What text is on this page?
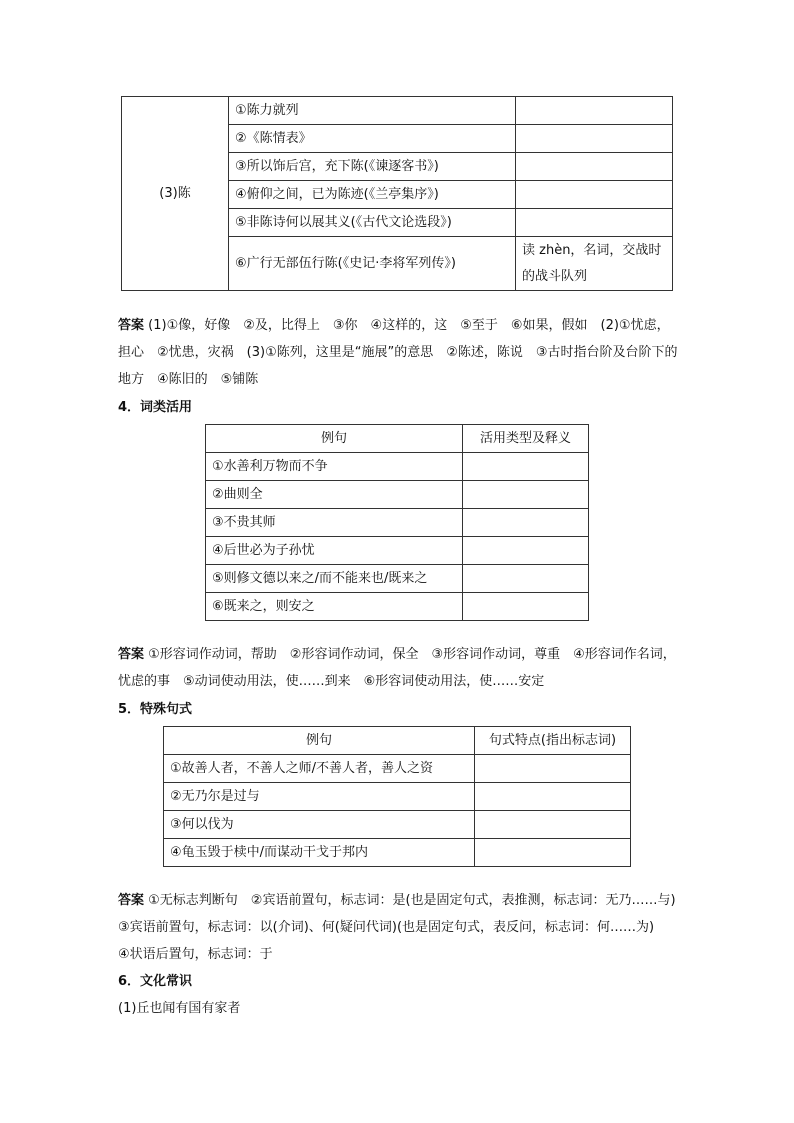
(3)陈	①陈力就列	
	②《陈情表》	
	③所以饰后宫，充下陈(《谏逐客书》)	
	④俯仰之间，已为陈迹(《兰亭集序》)	
	⑤非陈诗何以展其义(《古代文论选段》)	
	⑥广行无部伍行陈(《史记·李将军列传》)	读 zhèn，名词，交战时的战斗队列
答案 (1)①像，好像　②及，比得上　③你　④这样的，这　⑤至于　⑥如果，假如　(2)①忧虑，担心　②忧患，灾祸　(3)①陈列，这里是“施展”的意思　②陈述，陈说　③古时指台阶及台阶下的地方　④陈旧的　⑤铺陈
4．词类活用
例句	活用类型及释义
①水善利万物而不争	
②曲则全	
③不贵其师	
④后世必为子孙忧	
⑤则修文德以来之/而不能来也/既来之	
⑥既来之，则安之	
答案 ①形容词作动词，帮助　②形容词作动词，保全　③形容词作动词，尊重　④形容词作名词，忧虑的事　⑤动词使动用法，使……到来　⑥形容词使动用法，使……安定
5．特殊句式
例句	句式特点(指出标志词)
①故善人者，不善人之师/不善人者，善人之资	
②无乃尔是过与	
③何以伐为	
④龟玉毁于椟中/而谋动干戈于邦内	
答案 ①无标志判断句　②宾语前置句，标志词：是(也是固定句式，表推测，标志词：无乃……与)　③宾语前置句，标志词：以(介词)、何(疑问代词)(也是固定句式，表反问，标志词：何……为)　④状语后置句，标志词：于
6．文化常识
(1)丘也闻有国有家者
